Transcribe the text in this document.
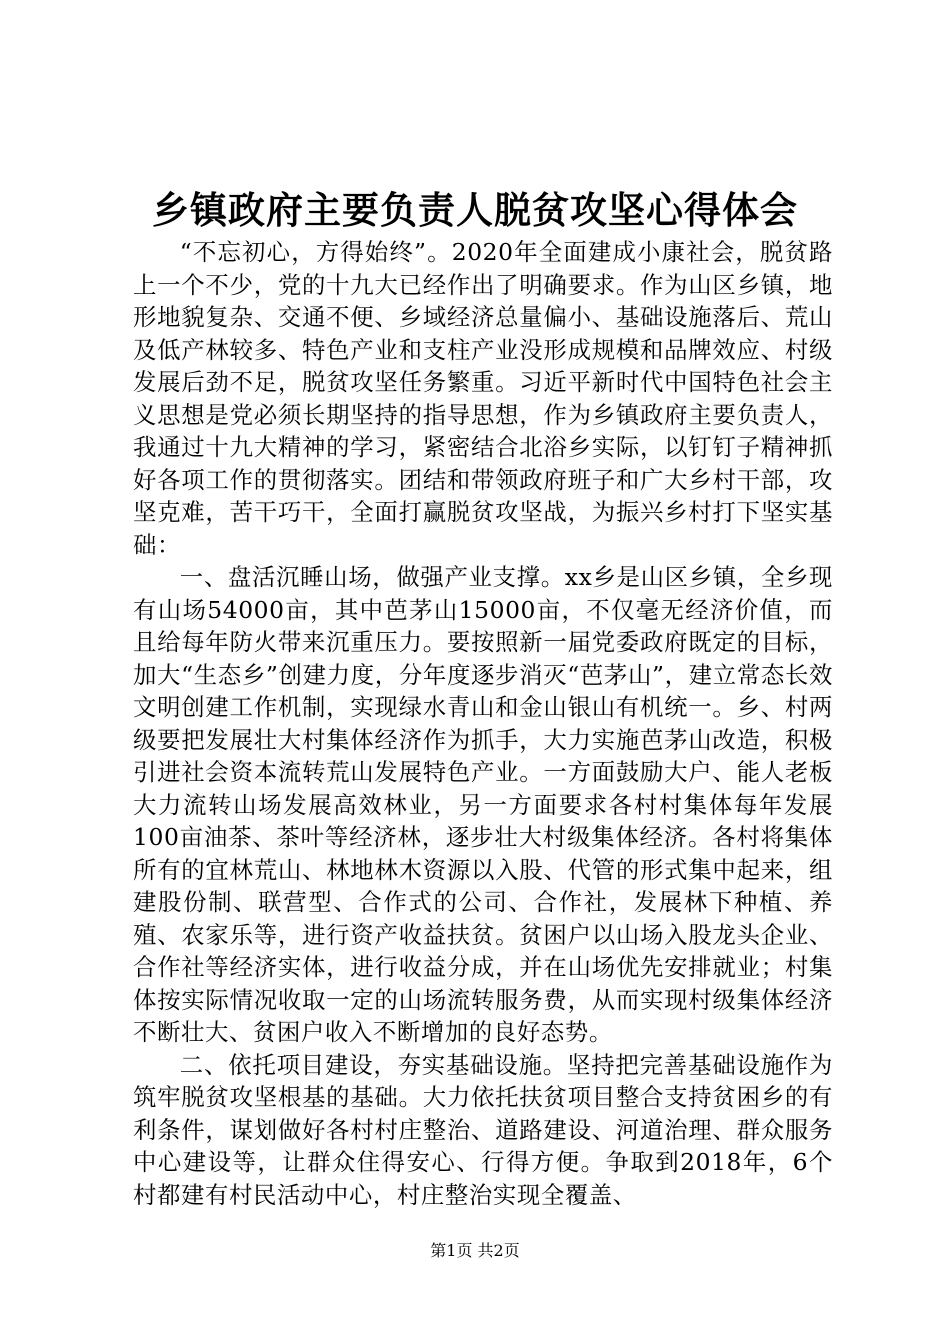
乡镇政府主要负责人脱贫攻坚心得体会

“不忘初心，方得始终”。2020年全面建成小康社会，脱贫路上一个不少，党的十九大已经作出了明确要求。作为山区乡镇，地形地貌复杂、交通不便、乡域经济总量偏小、基础设施落后、荒山及低产林较多、特色产业和支柱产业没形成规模和品牌效应、村级发展后劲不足，脱贫攻坚任务繁重。习近平新时代中国特色社会主义思想是党必须长期坚持的指导思想，作为乡镇政府主要负责人，我通过十九大精神的学习，紧密结合北浴乡实际，以钉钉子精神抓好各项工作的贯彻落实。团结和带领政府班子和广大乡村干部，攻坚克难，苦干巧干，全面打赢脱贫攻坚战，为振兴乡村打下坚实基础：

一、盘活沉睡山场，做强产业支撑。xx乡是山区乡镇，全乡现有山场54000亩，其中芭茅山15000亩，不仅毫无经济价值，而且给每年防火带来沉重压力。要按照新一届党委政府既定的目标，加大“生态乡”创建力度，分年度逐步消灭“芭茅山”，建立常态长效文明创建工作机制，实现绿水青山和金山银山有机统一。乡、村两级要把发展壮大村集体经济作为抓手，大力实施芭茅山改造，积极引进社会资本流转荒山发展特色产业。一方面鼓励大户、能人老板大力流转山场发展高效林业，另一方面要求各村村集体每年发展100亩油茶、茶叶等经济林，逐步壮大村级集体经济。各村将集体所有的宜林荒山、林地林木资源以入股、代管的形式集中起来，组建股份制、联营型、合作式的公司、合作社，发展林下种植、养殖、农家乐等，进行资产收益扶贫。贫困户以山场入股龙头企业、合作社等经济实体，进行收益分成，并在山场优先安排就业；村集体按实际情况收取一定的山场流转服务费，从而实现村级集体经济不断壮大、贫困户收入不断增加的良好态势。

二、依托项目建设，夯实基础设施。坚持把完善基础设施作为筑牢脱贫攻坚根基的基础。大力依托扶贫项目整合支持贫困乡的有利条件，谋划做好各村村庄整治、道路建设、河道治理、群众服务中心建设等，让群众住得安心、行得方便。争取到2018年，6个村都建有村民活动中心，村庄整治实现全覆盖、

第1页 共2页
